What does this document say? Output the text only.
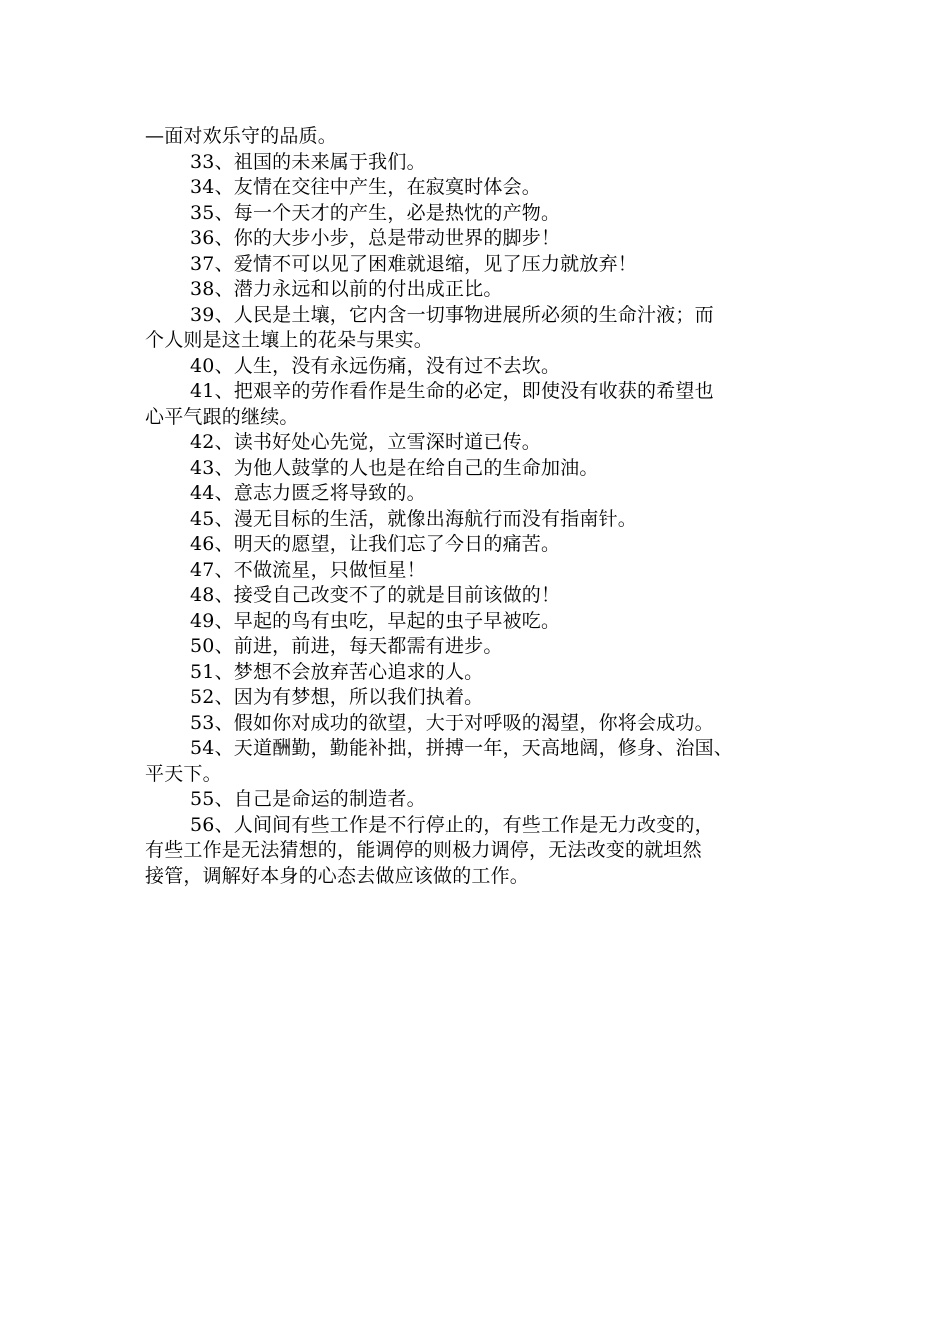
—面对欢乐守的品质。
33、祖国的未来属于我们。
34、友情在交往中产生，在寂寞时体会。
35、每一个天才的产生，必是热忱的产物。
36、你的大步小步，总是带动世界的脚步！
37、爱情不可以见了困难就退缩，见了压力就放弃！
38、潜力永远和以前的付出成正比。
39、人民是土壤，它内含一切事物进展所必须的生命汁液；而
个人则是这土壤上的花朵与果实。
40、人生，没有永远伤痛，没有过不去坎。
41、把艰辛的劳作看作是生命的必定，即使没有收获的希望也
心平气跟的继续。
42、读书好处心先觉，立雪深时道已传。
43、为他人鼓掌的人也是在给自己的生命加油。
44、意志力匮乏将导致的。
45、漫无目标的生活，就像出海航行而没有指南针。
46、明天的愿望，让我们忘了今日的痛苦。
47、不做流星，只做恒星！
48、接受自己改变不了的就是目前该做的！
49、早起的鸟有虫吃，早起的虫子早被吃。
50、前进，前进，每天都需有进步。
51、梦想不会放弃苦心追求的人。
52、因为有梦想，所以我们执着。
53、假如你对成功的欲望，大于对呼吸的渴望，你将会成功。
54、天道酬勤，勤能补拙，拼搏一年，天高地阔，修身、治国、
平天下。
55、自己是命运的制造者。
56、人间间有些工作是不行停止的，有些工作是无力改变的，
有些工作是无法猜想的，能调停的则极力调停，无法改变的就坦然
接管，调解好本身的心态去做应该做的工作。
